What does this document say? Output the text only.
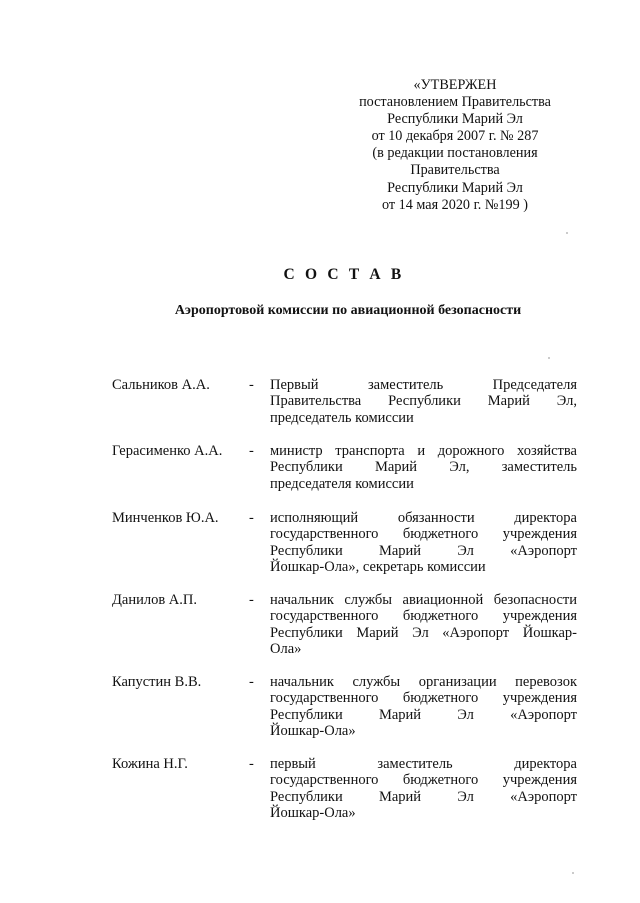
«УТВЕРЖЕН
постановлением Правительства
Республики Марий Эл
от 10 декабря 2007 г. № 287
(в редакции постановления
Правительства
Республики Марий Эл
от 14 мая 2020 г. №199 )
С О С Т А В
Аэропортовой комиссии по авиационной безопасности
Сальников А.А.	- Первый заместитель Председателя
Правительства Республики Марий Эл,
председатель комиссии
Герасименко А.А. - министр транспорта и дорожного хозяйства
Республики Марий Эл, заместитель
председателя комиссии
Минченков Ю.А. - исполняющий обязанности директора
государственного бюджетного учреждения
Республики Марий Эл «Аэропорт
Йошкар-Ола», секретарь комиссии
Данилов А.П.	- начальник службы авиационной безопасности
государственного бюджетного учреждения
Республики Марий Эл «Аэропорт Йошкар-
Ола»
Капустин В.В.	- начальник службы организации перевозок
государственного бюджетного учреждения
Республики Марий Эл «Аэропорт
Йошкар-Ола»
Кожина Н.Г.	- первый заместитель директора
государственного бюджетного учреждения
Республики Марий Эл «Аэропорт
Йошкар-Ола»
